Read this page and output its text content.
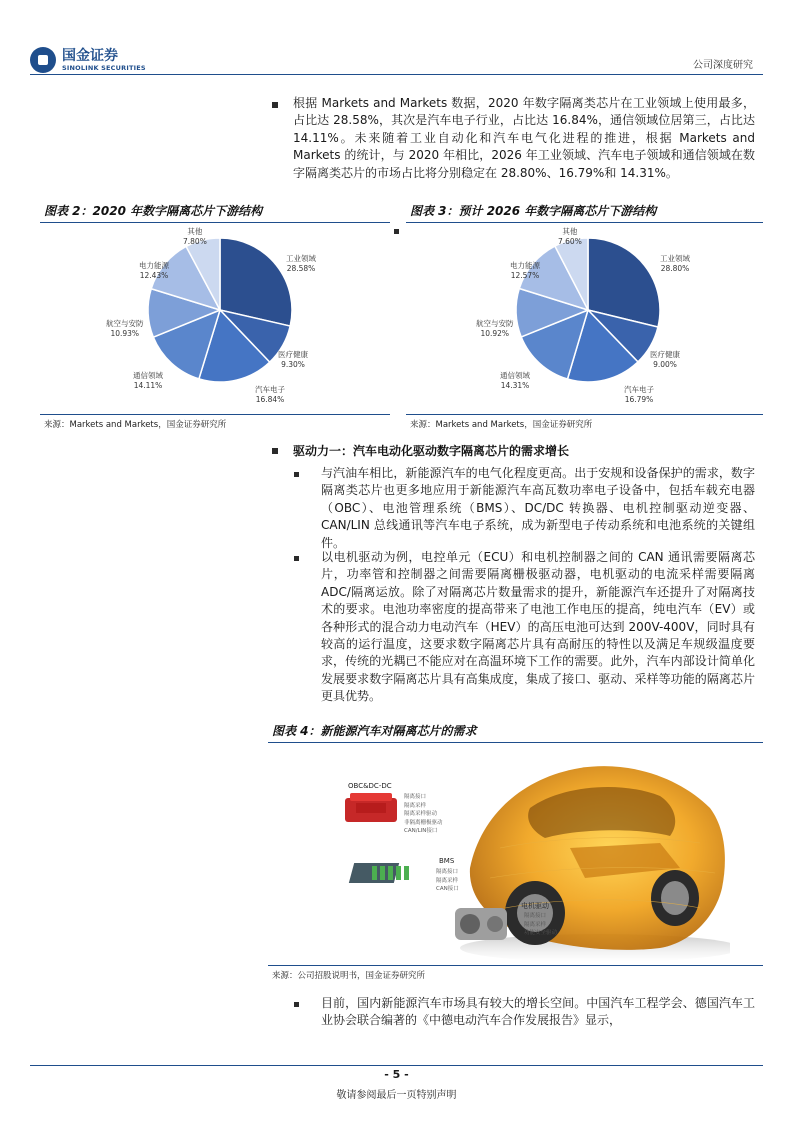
国金证券
SINOLINK SECURITIES	公司深度研究
根据 Markets and Markets 数据，2020 年数字隔离类芯片在工业领域上使用最多，占比达 28.58%，其次是汽车电子行业，占比达 16.84%，通信领域位居第三，占比达 14.11%。未来随着工业自动化和汽车电气化进程的推进，根据 Markets and Markets 的统计，与 2020 年相比，2026 年工业领域、汽车电子领域和通信领域在数字隔离类芯片的市场占比将分别稳定在 28.80%、16.79%和 14.31%。
图表 2：2020 年数字隔离芯片下游结构	图表 3：预计 2026 年数字隔离芯片下游结构
其他
7.80%
工业领域
28.58%
电力能源
12.43%
航空与安防
10.93%
医疗健康
9.30%
通信领域
14.11%	汽车电子
16.84%
其他
7.60%
工业领域
28.80%
电力能源
12.57%
航空与安防
10.92%
医疗健康
9.00%
通信领域
14.31%	汽车电子
16.79%
来源：Markets and Markets，国金证券研究所	来源：Markets and Markets，国金证券研究所
驱动力一：汽车电动化驱动数字隔离芯片的需求增长
与汽油车相比，新能源汽车的电气化程度更高。出于安规和设备保护的需求，数字隔离类芯片也更多地应用于新能源汽车高瓦数功率电子设备中，包括车载充电器（OBC）、电池管理系统（BMS）、DC/DC 转换器、电机控制驱动逆变器、CAN/LIN 总线通讯等汽车电子系统，成为新型电子传动系统和电池系统的关键组件。
以电机驱动为例，电控单元（ECU）和电机控制器之间的 CAN 通讯需要隔离芯片，功率管和控制器之间需要隔离栅极驱动器，电机驱动的电流采样需要隔离 ADC/隔离运放。除了对隔离芯片数量需求的提升，新能源汽车还提升了对隔离技术的要求。电池功率密度的提高带来了电池工作电压的提高，纯电汽车（EV）或各种形式的混合动力电动汽车（HEV）的高压电池可达到 200V-400V，同时具有较高的运行温度，这要求数字隔离芯片具有高耐压的特性以及满足车规级温度要求，传统的光耦已不能应对在高温环境下工作的需要。此外，汽车内部设计简单化发展要求数字隔离芯片具有高集成度，集成了接口、驱动、采样等功能的隔离芯片更具优势。
图表 4：新能源汽车对隔离芯片的需求
OBC&DC-DC
隔离接口
隔离采样
隔离采样驱动
非隔离栅极驱动
CAN/LIN接口
BMS
隔离接口
隔离采样
CAN接口
电机驱动
隔离接口
隔离采样
功能安全驱动
来源：公司招股说明书，国金证券研究所
目前，国内新能源汽车市场具有较大的增长空间。中国汽车工程学会、德国汽车工业协会联合编著的《中德电动汽车合作发展报告》显示，
- 5 -
敬请参阅最后一页特别声明
